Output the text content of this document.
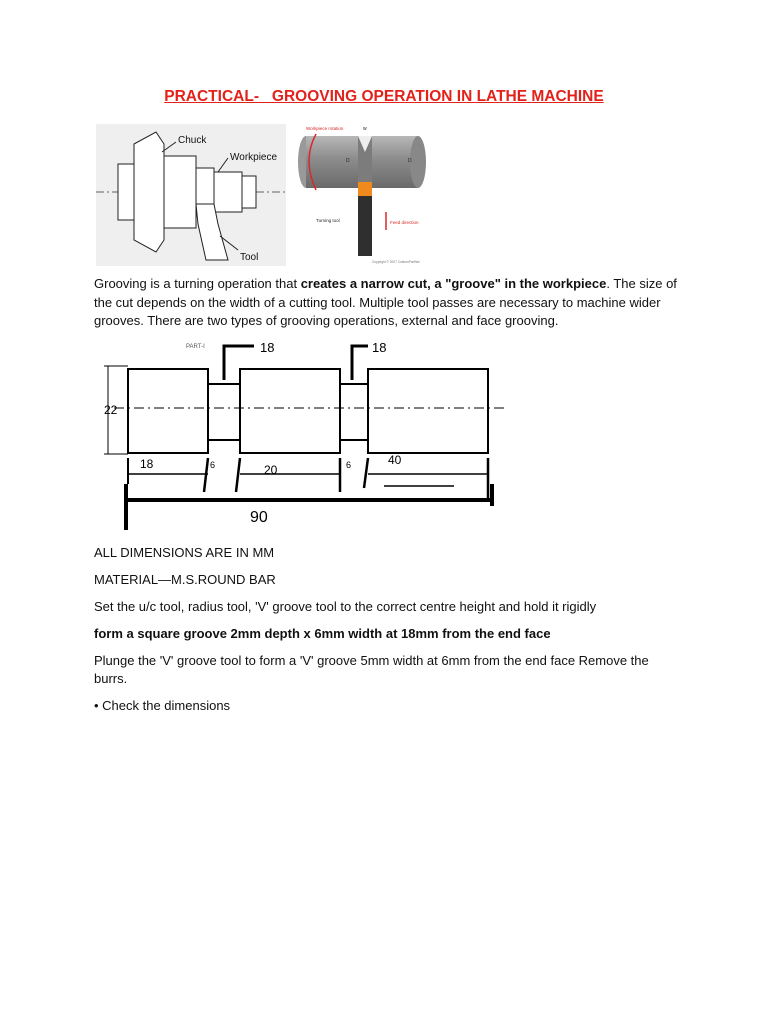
PRACTICAL-   GROOVING OPERATION IN LATHE MACHINE
Chuck
Workpiece
Tool
Workpiece rotation	w
D	D
Turning tool	Feed direction
Copyright © 2007 CustomPartNet
Grooving is a turning operation that creates a narrow cut, a "groove" in the workpiece. The size of the cut depends on the width of a cutting tool. Multiple tool passes are necessary to machine wider grooves. There are two types of grooving operations, external and face grooving.
PART-I
22
18	18
18	6	20	6	40
90
ALL DIMENSIONS ARE IN MM
MATERIAL—M.S.ROUND BAR
Set the u/c tool, radius tool, 'V' groove tool to the correct centre height and hold it rigidly
form a square groove 2mm depth x 6mm width at 18mm from the end face
Plunge the 'V' groove tool to form a 'V' groove 5mm width at 6mm from the end face Remove the burrs.
• Check the dimensions
